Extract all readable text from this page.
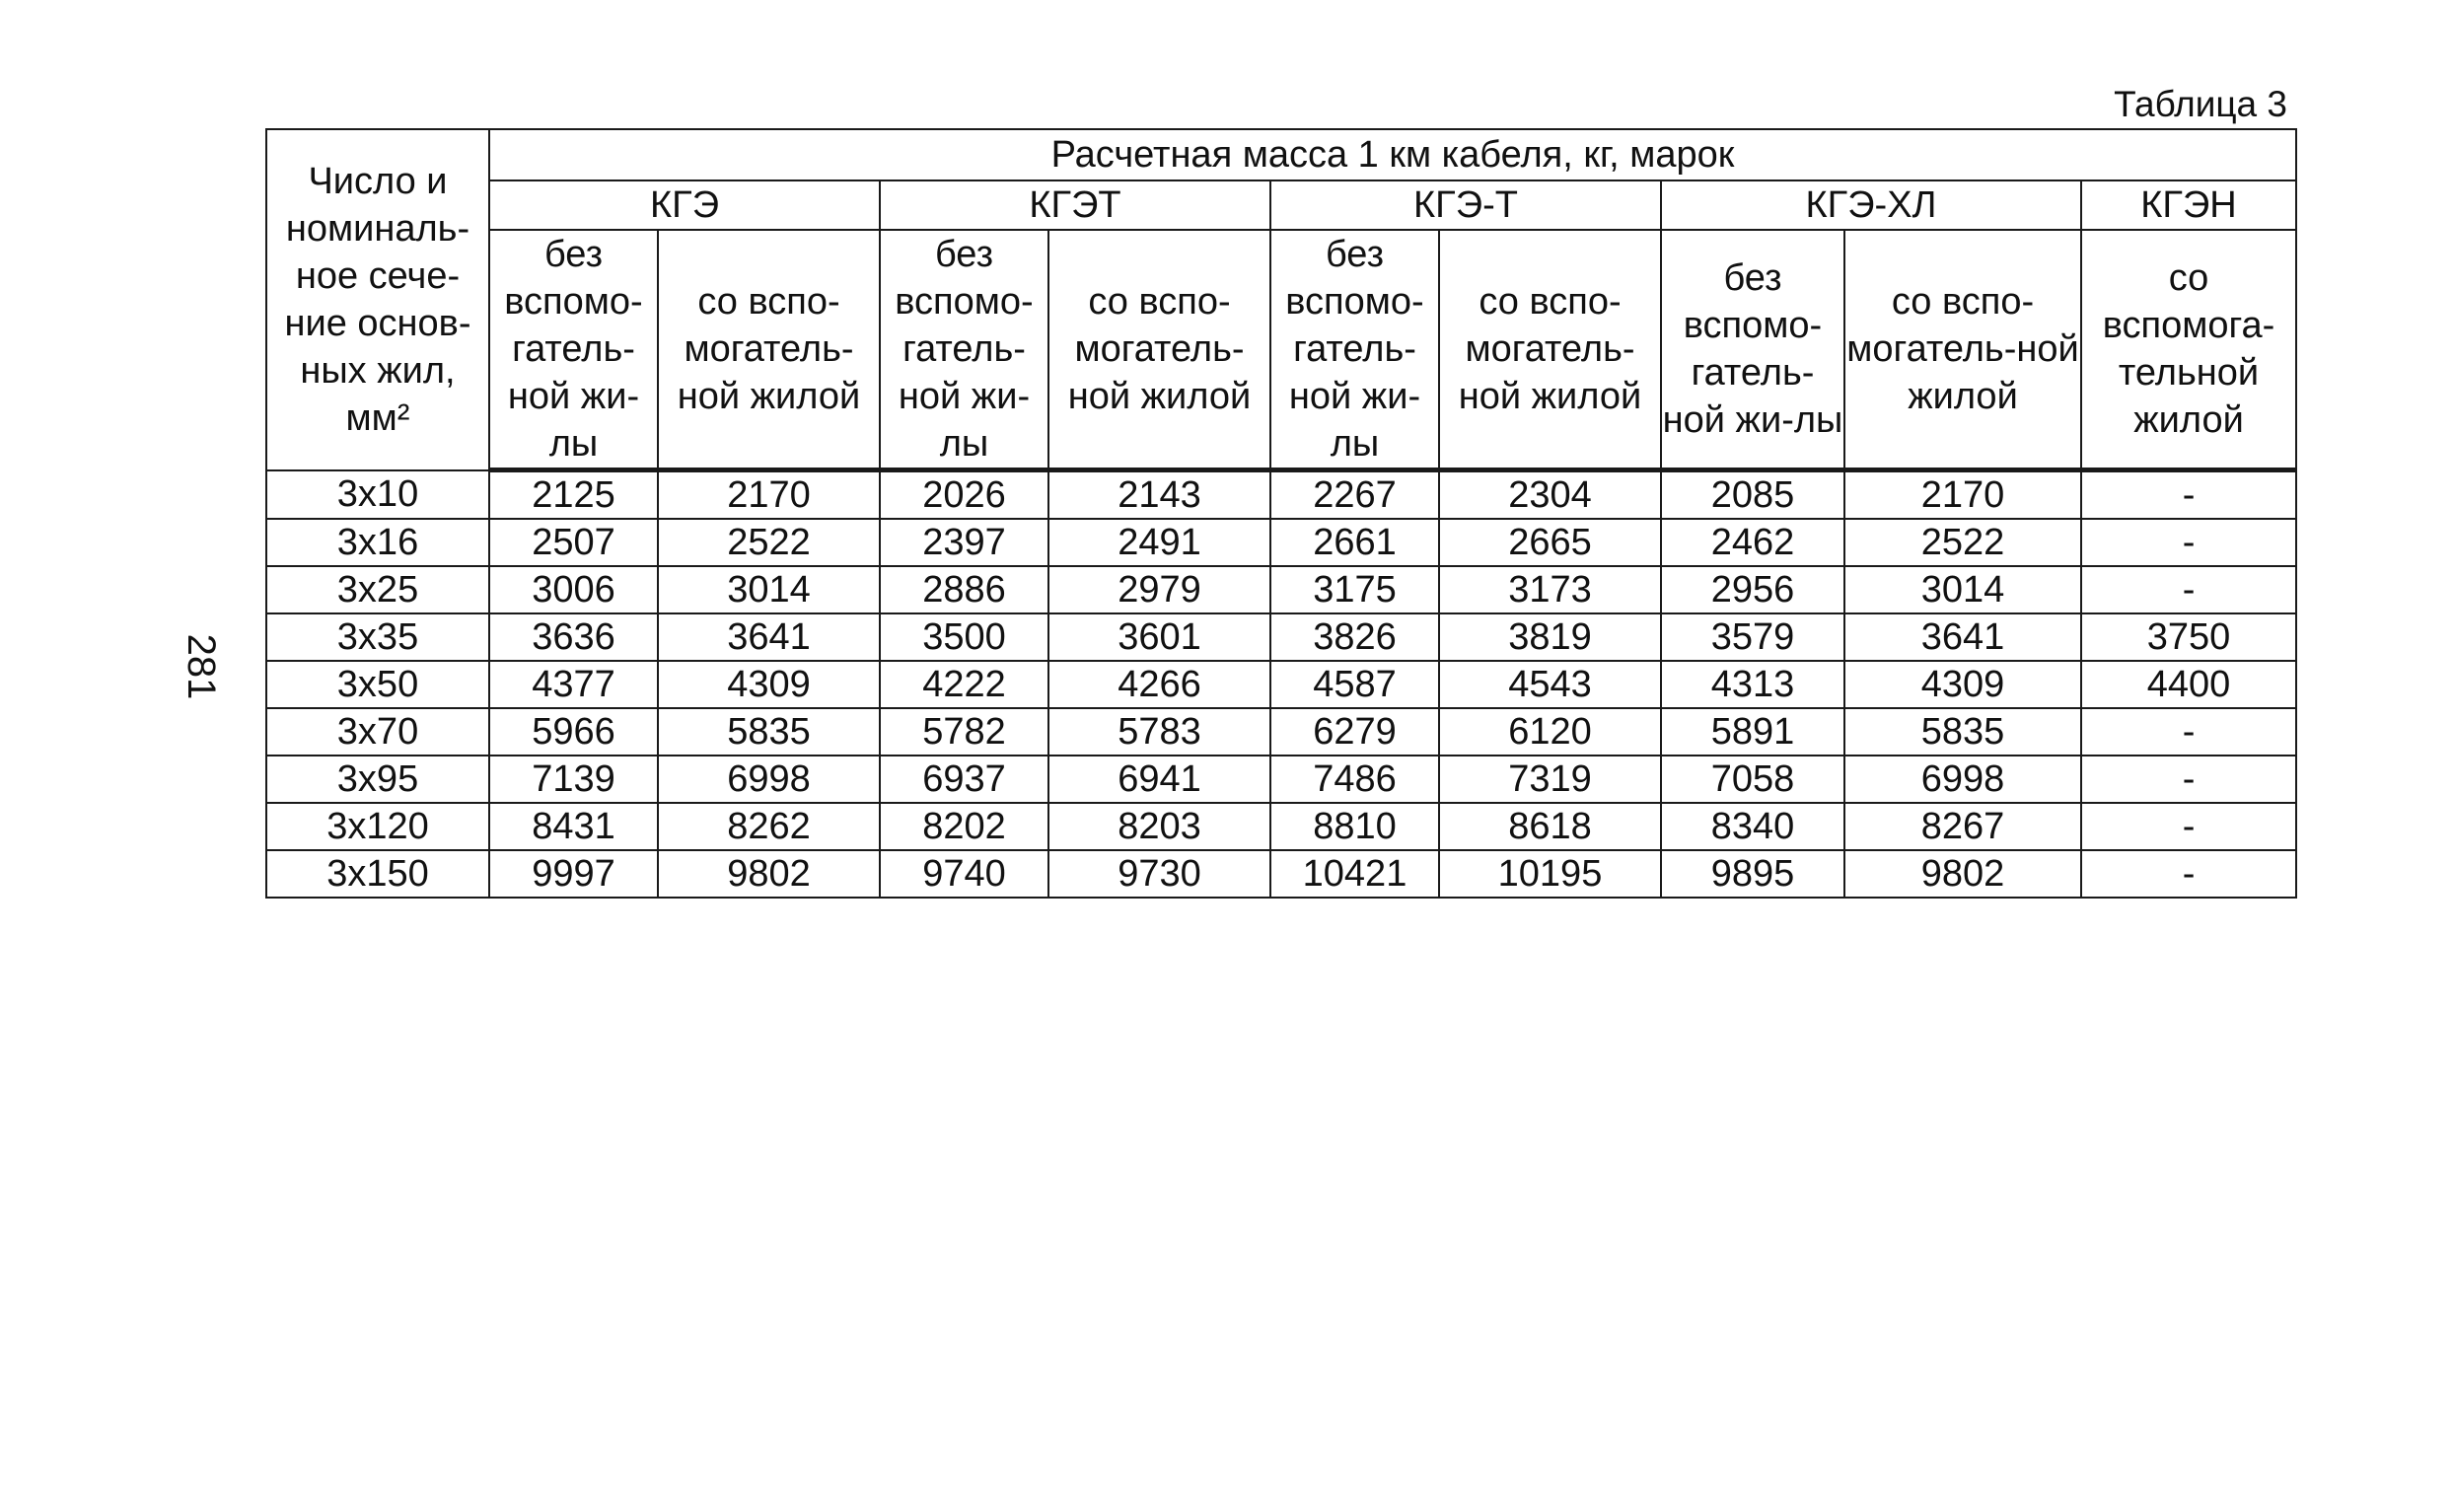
Таблица 3
281
Число и номиналь-ное сече-ние основ-ных жил, мм²	Расчетная масса 1 км кабеля, кг, марок								
	КГЭ		КГЭТ		КГЭ-Т		КГЭ-ХЛ		КГЭН
	без вспомо-гатель-ной жи-лы	со вспо-могатель-ной жилой	без вспомо-гатель-ной жи-лы	со вспо-могатель-ной жилой	без вспомо-гатель-ной жи-лы	со вспо-могатель-ной жилой	без вспомо-гатель-ной жи-лы	со вспо-могатель-ной жилой	со вспомога-тельной жилой
3x10	2125	2170	2026	2143	2267	2304	2085	2170	-
3x16	2507	2522	2397	2491	2661	2665	2462	2522	-
3x25	3006	3014	2886	2979	3175	3173	2956	3014	-
3x35	3636	3641	3500	3601	3826	3819	3579	3641	3750
3x50	4377	4309	4222	4266	4587	4543	4313	4309	4400
3x70	5966	5835	5782	5783	6279	6120	5891	5835	-
3x95	7139	6998	6937	6941	7486	7319	7058	6998	-
3x120	8431	8262	8202	8203	8810	8618	8340	8267	-
3x150	9997	9802	9740	9730	10421	10195	9895	9802	-
